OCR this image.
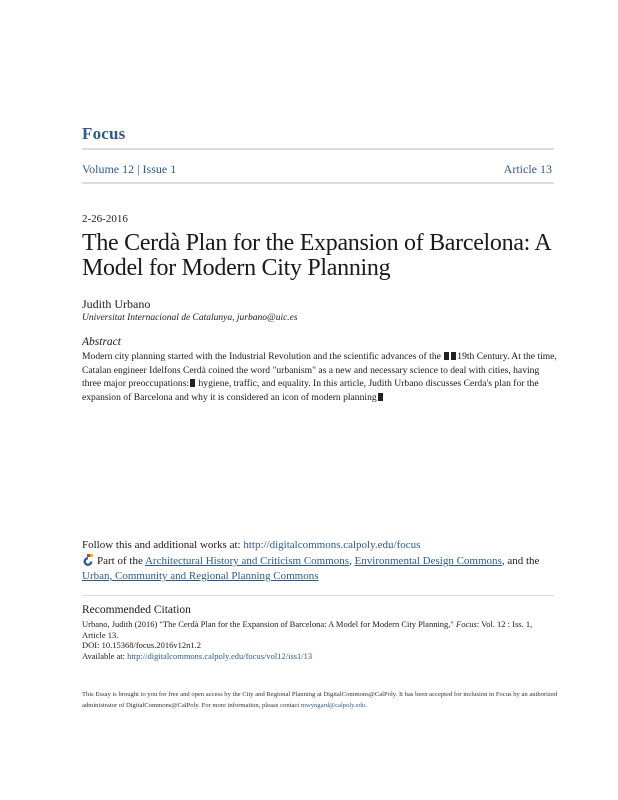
Focus
Volume 12 | Issue 1	Article 13
2-26-2016
The Cerdà Plan for the Expansion of Barcelona: A Model for Modern City Planning
Judith Urbano
Universitat Internacional de Catalunya, jurbano@uic.es
Abstract

Modern city planning started with the Industrial Revolution and the scientific advances of the 19th Century. At the time, Catalan engineer Idelfons Cerdà coined the word "urbanism" as a new and necessary science to deal with cities, having three major preoccupations: hygiene, traffic, and equality. In this article, Judith Urbano discusses Cerda's plan for the expansion of Barcelona and why it is considered an icon of modern planning

Follow this and additional works at: http://digitalcommons.calpoly.edu/focus
Part of the Architectural History and Criticism Commons, Environmental Design Commons, and the Urban, Community and Regional Planning Commons
Recommended Citation
Urbano, Judith (2016) "The Cerdà Plan for the Expansion of Barcelona: A Model for Modern City Planning," Focus: Vol. 12 : Iss. 1, Article 13.
DOI: 10.15368/focus.2016v12n1.2
Available at: http://digitalcommons.calpoly.edu/focus/vol12/iss1/13
This Essay is brought to you for free and open access by the City and Regional Planning at DigitalCommons@CalPoly. It has been accepted for inclusion in Focus by an authorized administrator of DigitalCommons@CalPoly. For more information, please contact mwyngard@calpoly.edu.
